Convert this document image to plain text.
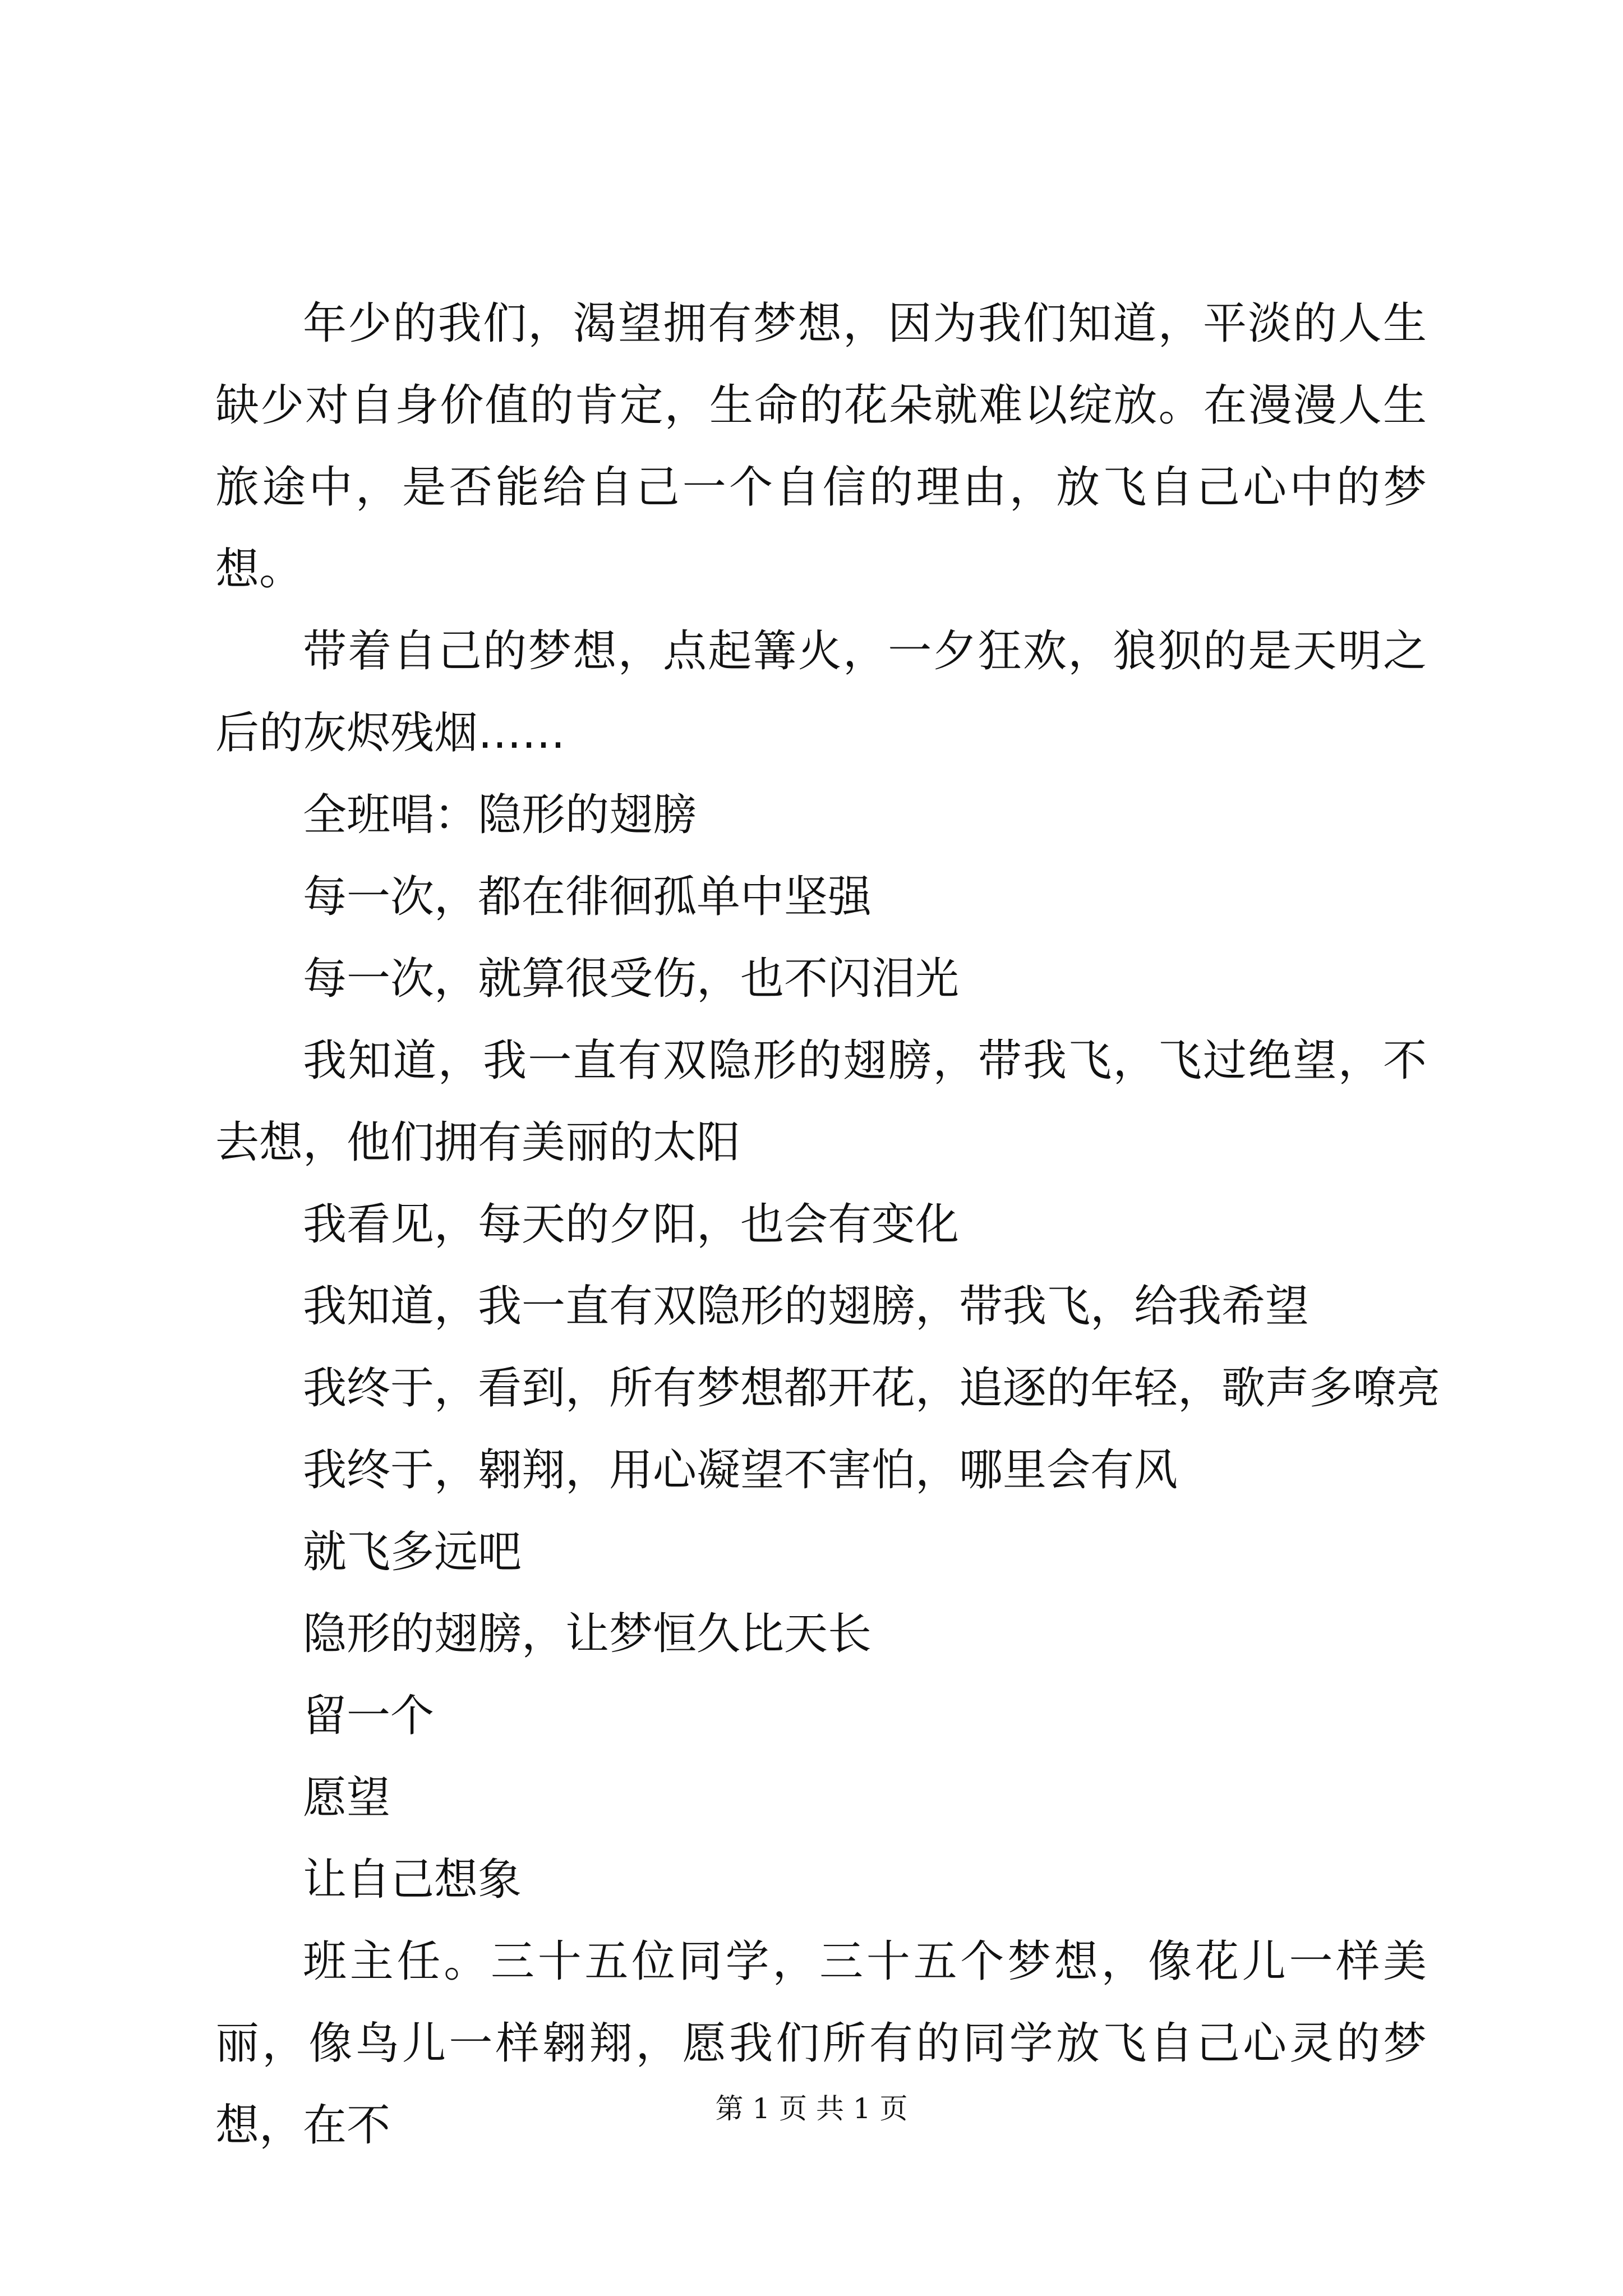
年少的我们，渴望拥有梦想，因为我们知道，平淡的人生缺少对自身价值的肯定，生命的花朵就难以绽放。在漫漫人生旅途中，是否能给自己一个自信的理由，放飞自己心中的梦想。

带着自己的梦想，点起篝火，一夕狂欢，狼狈的是天明之后的灰烬残烟……

全班唱：隐形的翅膀

每一次，都在徘徊孤单中坚强

每一次，就算很受伤，也不闪泪光

我知道，我一直有双隐形的翅膀，带我飞，飞过绝望，不去想，他们拥有美丽的太阳

我看见，每天的夕阳，也会有变化

我知道，我一直有双隐形的翅膀，带我飞，给我希望

我终于，看到，所有梦想都开花，追逐的年轻，歌声多嘹亮

我终于，翱翔，用心凝望不害怕，哪里会有风

就飞多远吧

隐形的翅膀，让梦恒久比天长

留一个

愿望

让自己想象

班主任。三十五位同学，三十五个梦想，像花儿一样美丽，像鸟儿一样翱翔，愿我们所有的同学放飞自己心灵的梦想，在不	第 1 页 共 1 页
